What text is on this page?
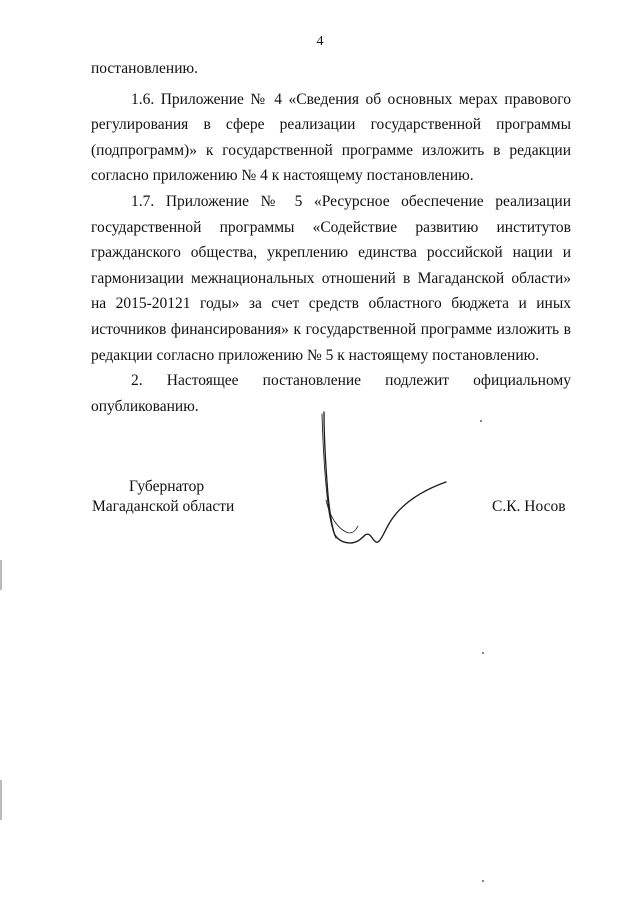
4

постановлению.

1.6. Приложение № 4 «Сведения об основных мерах правового регулирования в сфере реализации государственной программы (подпрограмм)» к государственной программе изложить в редакции согласно приложению № 4 к настоящему постановлению.

1.7. Приложение № 5 «Ресурсное обеспечение реализации государственной программы «Содействие развитию институтов гражданского общества, укреплению единства российской нации и гармонизации межнациональных отношений в Магаданской области» на 2015-20121 годы» за счет средств областного бюджета и иных источников финансирования» к государственной программе изложить в редакции согласно приложению № 5 к настоящему постановлению.

2. Настоящее постановление подлежит официальному опубликованию.

Губернатор
Магаданской области	С.К. Носов
